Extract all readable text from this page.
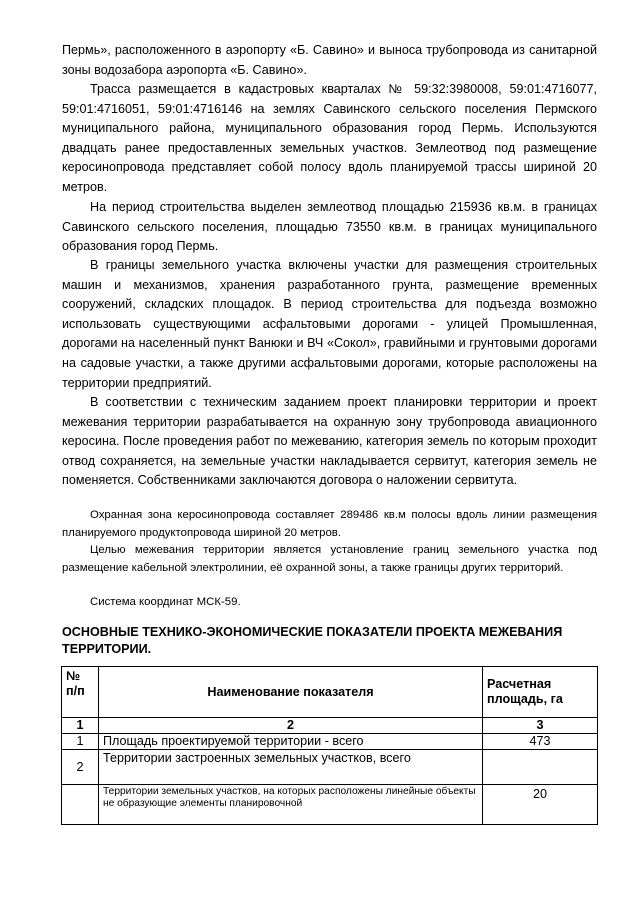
Пермь», расположенного в аэропорту «Б. Савино» и выноса трубопровода из санитарной зоны водозабора аэропорта «Б. Савино».

Трасса размещается в кадастровых кварталах № 59:32:3980008, 59:01:4716077, 59:01:4716051, 59:01:4716146 на землях Савинского сельского поселения Пермского муниципального района, муниципального образования город Пермь. Используются двадцать ранее предоставленных земельных участков. Землеотвод под размещение керосинопровода представляет собой полосу вдоль планируемой трассы шириной 20 метров.

На период строительства выделен землеотвод площадью 215936 кв.м. в границах Савинского сельского поселения, площадью 73550 кв.м. в границах муниципального образования город Пермь.

В границы земельного участка включены участки для размещения строительных машин и механизмов, хранения разработанного грунта, размещение временных сооружений, складских площадок. В период строительства для подъезда возможно использовать существующими асфальтовыми дорогами - улицей Промышленная, дорогами на населенный пункт Ванюки и ВЧ «Сокол», гравийными и грунтовыми дорогами на садовые участки, а также другими асфальтовыми дорогами, которые расположены на территории предприятий.

В соответствии с техническим заданием проект планировки территории и проект межевания территории разрабатывается на охранную зону трубопровода авиационного керосина. После проведения работ по межеванию, категория земель по которым проходит отвод сохраняется, на земельные участки накладывается сервитут, категория земель не поменяется. Собственниками заключаются договора о наложении сервитута.

Охранная зона керосинопровода составляет 289486 кв.м полосы вдоль линии размещения планируемого продуктопровода шириной 20 метров.

Целью межевания территории является установление границ земельного участка под размещение кабельной электролинии, её охранной зоны, а также границы других территорий.

Система координат МСК-59.

ОСНОВНЫЕ ТЕХНИКО-ЭКОНОМИЧЕСКИЕ ПОКАЗАТЕЛИ ПРОЕКТА МЕЖЕВАНИЯ ТЕРРИТОРИИ.

№ п/п	Наименование показателя	Расчетная площадь, га
1	2	3
1	Площадь проектируемой территории - всего	473
2	Территории застроенных земельных участков, всего	
	Территории земельных участков, на которых расположены линейные объекты не образующие элементы планировочной	20
